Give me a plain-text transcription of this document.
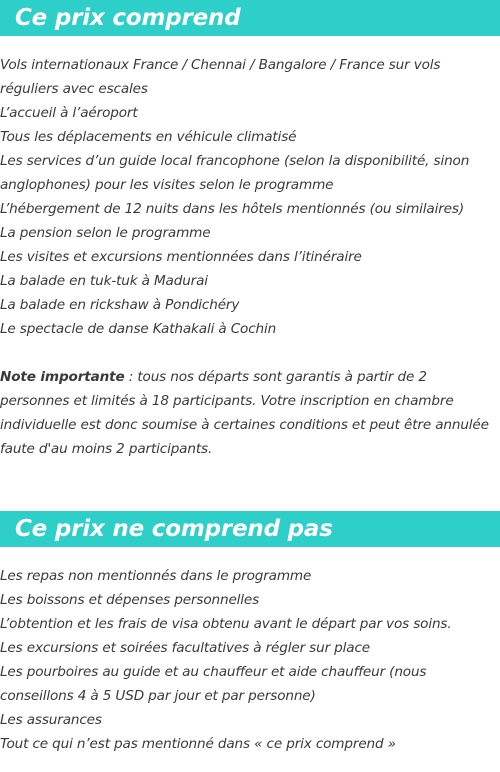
Ce prix comprend
Vols internationaux France / Chennai / Bangalore / France sur vols réguliers avec escales
L’accueil à l’aéroport
Tous les déplacements en véhicule climatisé
Les services d’un guide local francophone (selon la disponibilité, sinon anglophones) pour les visites selon le programme
L’hébergement de 12 nuits dans les hôtels mentionnés (ou similaires)
La pension selon le programme
Les visites et excursions mentionnées dans l’itinéraire
La balade en tuk-tuk à Madurai
La balade en rickshaw à Pondichéry
Le spectacle de danse Kathakali à Cochin

Note importante : tous nos départs sont garantis à partir de 2 personnes et limités à 18 participants. Votre inscription en chambre individuelle est donc soumise à certaines conditions et peut être annulée faute d'au moins 2 participants.

Ce prix ne comprend pas
Les repas non mentionnés dans le programme
Les boissons et dépenses personnelles
L’obtention et les frais de visa obtenu avant le départ par vos soins.
Les excursions et soirées facultatives à régler sur place
Les pourboires au guide et au chauffeur et aide chauffeur (nous conseillons 4 à 5 USD par jour et par personne)
Les assurances
Tout ce qui n’est pas mentionné dans « ce prix comprend »
